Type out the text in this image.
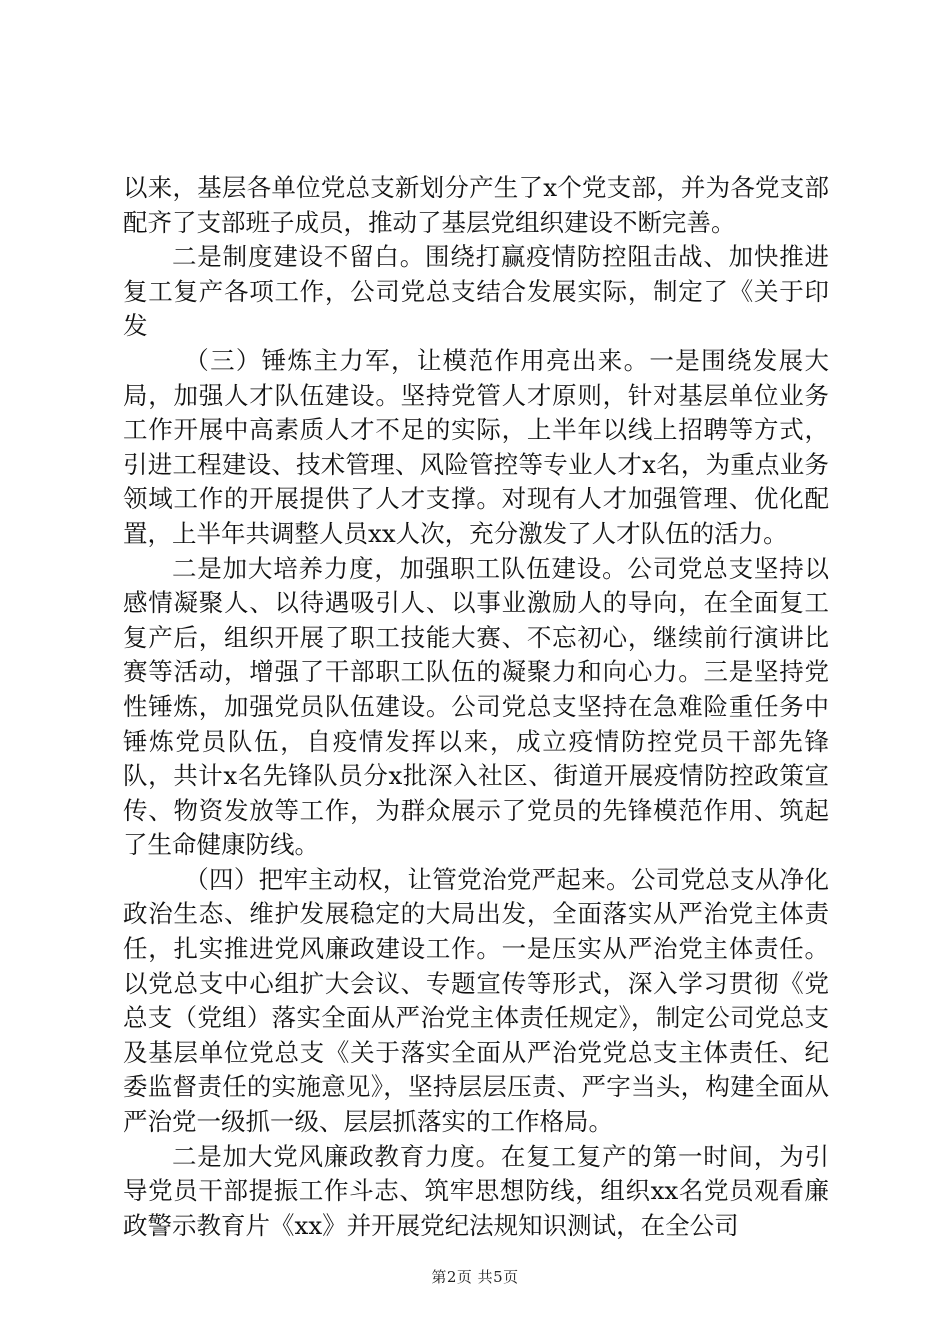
以来，基层各单位党总支新划分产生了x个党支部，并为各党支部配齐了支部班子成员，推动了基层党组织建设不断完善。

二是制度建设不留白。围绕打赢疫情防控阻击战、加快推进复工复产各项工作，公司党总支结合发展实际，制定了《关于印发

（三）锤炼主力军，让模范作用亮出来。一是围绕发展大局，加强人才队伍建设。坚持党管人才原则，针对基层单位业务工作开展中高素质人才不足的实际，上半年以线上招聘等方式，引进工程建设、技术管理、风险管控等专业人才x名，为重点业务领域工作的开展提供了人才支撑。对现有人才加强管理、优化配置，上半年共调整人员xx人次，充分激发了人才队伍的活力。

二是加大培养力度，加强职工队伍建设。公司党总支坚持以感情凝聚人、以待遇吸引人、以事业激励人的导向，在全面复工复产后，组织开展了职工技能大赛、不忘初心，继续前行演讲比赛等活动，增强了干部职工队伍的凝聚力和向心力。三是坚持党性锤炼，加强党员队伍建设。公司党总支坚持在急难险重任务中锤炼党员队伍，自疫情发挥以来，成立疫情防控党员干部先锋队，共计x名先锋队员分x批深入社区、街道开展疫情防控政策宣传、物资发放等工作，为群众展示了党员的先锋模范作用、筑起了生命健康防线。

（四）把牢主动权，让管党治党严起来。公司党总支从净化政治生态、维护发展稳定的大局出发，全面落实从严治党主体责任，扎实推进党风廉政建设工作。一是压实从严治党主体责任。以党总支中心组扩大会议、专题宣传等形式，深入学习贯彻《党总支（党组）落实全面从严治党主体责任规定》，制定公司党总支及基层单位党总支《关于落实全面从严治党党总支主体责任、纪委监督责任的实施意见》，坚持层层压责、严字当头，构建全面从严治党一级抓一级、层层抓落实的工作格局。

二是加大党风廉政教育力度。在复工复产的第一时间，为引导党员干部提振工作斗志、筑牢思想防线，组织xx名党员观看廉政警示教育片《xx》并开展党纪法规知识测试，在全公司

第2页 共5页
